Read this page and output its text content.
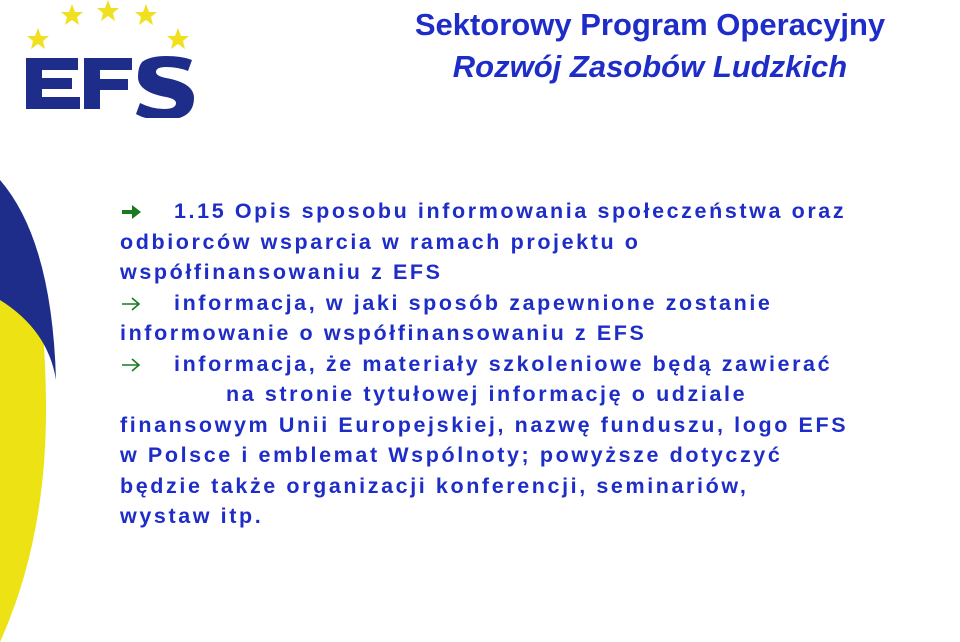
Sektorowy Program Operacyjny
Rozwój Zasobów Ludzkich
1.15 Opis sposobu informowania społeczeństwa oraz
odbiorców wsparcia w ramach projektu o
współfinansowaniu z EFS
informacja, w jaki sposób zapewnione zostanie
informowanie o współfinansowaniu z EFS
informacja, że materiały szkoleniowe będą zawierać
na stronie tytułowej informację o udziale
finansowym Unii Europejskiej, nazwę funduszu, logo EFS
w Polsce i emblemat Wspólnoty; powyższe dotyczyć
będzie także organizacji konferencji, seminariów,
wystaw itp.
